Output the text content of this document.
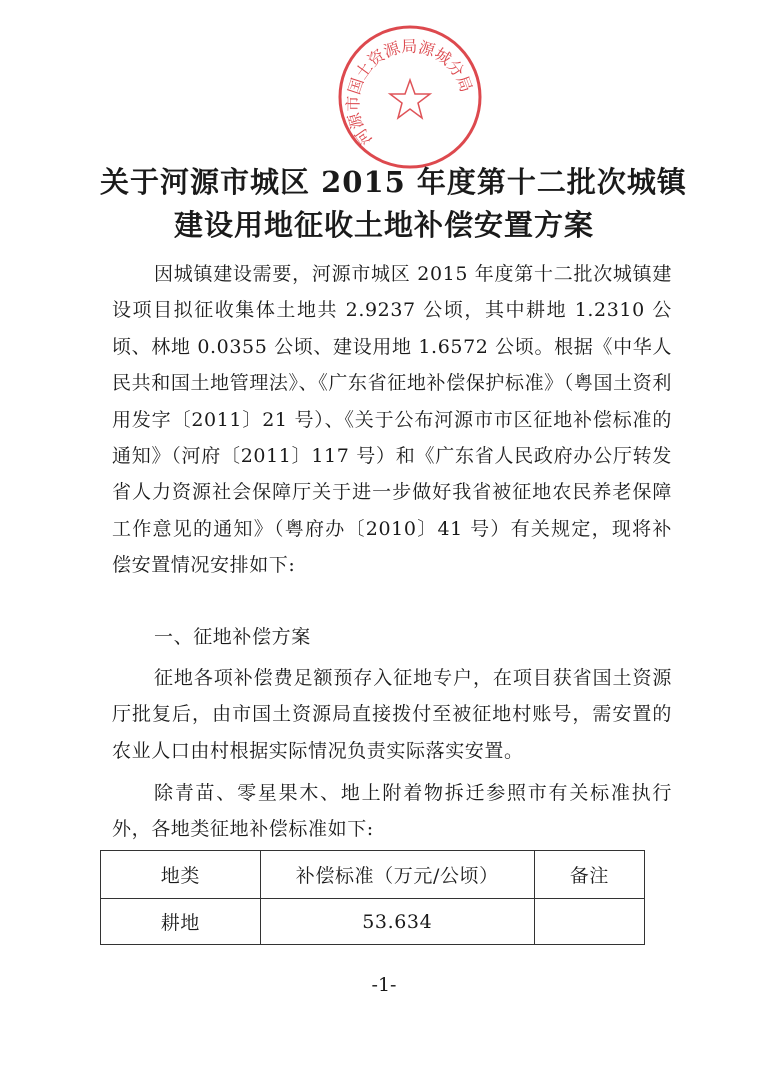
河源市国土资源局源城分局
关于河源市城区 2015 年度第十二批次城镇
建设用地征收土地补偿安置方案

因城镇建设需要，河源市城区 2015 年度第十二批次城镇建设项目拟征收集体土地共 2.9237 公顷，其中耕地 1.2310 公顷、林地 0.0355 公顷、建设用地 1.6572 公顷。根据《中华人民共和国土地管理法》、《广东省征地补偿保护标准》（粤国土资利用发字〔2011〕21 号）、《关于公布河源市市区征地补偿标准的通知》（河府〔2011〕117 号）和《广东省人民政府办公厅转发省人力资源社会保障厅关于进一步做好我省被征地农民养老保障工作意见的通知》（粤府办〔2010〕41 号）有关规定，现将补偿安置情况安排如下:

一、征地补偿方案

征地各项补偿费足额预存入征地专户，在项目获省国土资源厅批复后，由市国土资源局直接拨付至被征地村账号，需安置的农业人口由村根据实际情况负责实际落实安置。

除青苗、零星果木、地上附着物拆迁参照市有关标准执行外，各地类征地补偿标准如下:

地类	补偿标准（万元/公顷）	备注
耕地	53.634	

-1-
